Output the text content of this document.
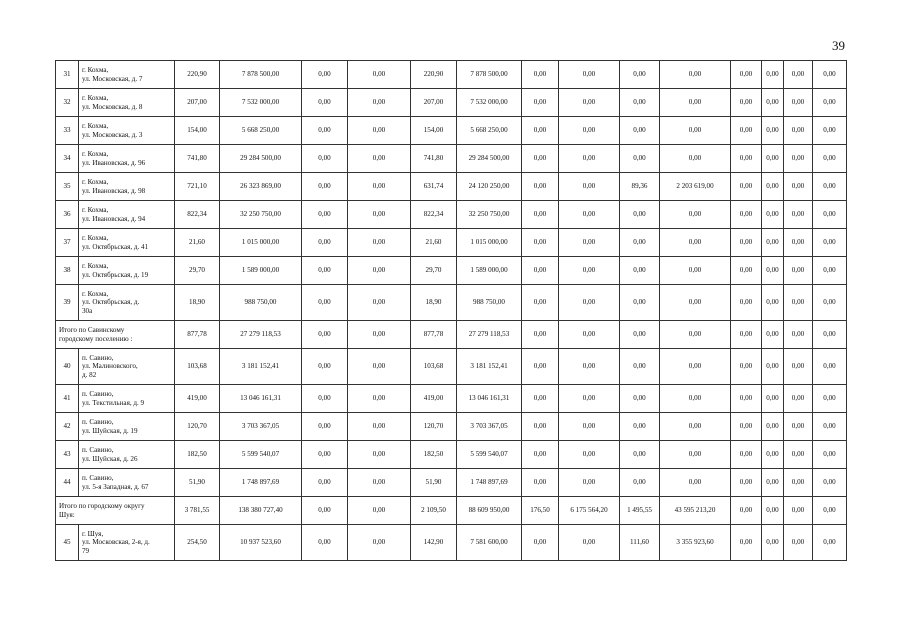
39
31	г. Кохма,
ул. Московская, д. 7	220,90	7 878 500,00	0,00	0,00	220,90	7 878 500,00	0,00	0,00	0,00	0,00	0,00	0,00	0,00	0,00
32	г. Кохма,
ул. Московская, д. 8	207,00	7 532 000,00	0,00	0,00	207,00	7 532 000,00	0,00	0,00	0,00	0,00	0,00	0,00	0,00	0,00
33	г. Кохма,
ул. Московская, д. 3	154,00	5 668 250,00	0,00	0,00	154,00	5 668 250,00	0,00	0,00	0,00	0,00	0,00	0,00	0,00	0,00
34	г. Кохма,
ул. Ивановская, д. 96	741,80	29 284 500,00	0,00	0,00	741,80	29 284 500,00	0,00	0,00	0,00	0,00	0,00	0,00	0,00	0,00
35	г. Кохма,
ул. Ивановская, д. 98	721,10	26 323 869,00	0,00	0,00	631,74	24 120 250,00	0,00	0,00	89,36	2 203 619,00	0,00	0,00	0,00	0,00
36	г. Кохма,
ул. Ивановская, д. 94	822,34	32 250 750,00	0,00	0,00	822,34	32 250 750,00	0,00	0,00	0,00	0,00	0,00	0,00	0,00	0,00
37	г. Кохма,
ул. Октябрьская, д. 41	21,60	1 015 000,00	0,00	0,00	21,60	1 015 000,00	0,00	0,00	0,00	0,00	0,00	0,00	0,00	0,00
38	г. Кохма,
ул. Октябрьская, д. 19	29,70	1 589 000,00	0,00	0,00	29,70	1 589 000,00	0,00	0,00	0,00	0,00	0,00	0,00	0,00	0,00
39	г. Кохма,
ул. Октябрьская, д.
30а	18,90	988 750,00	0,00	0,00	18,90	988 750,00	0,00	0,00	0,00	0,00	0,00	0,00	0,00	0,00
Итого по Савинскому
городскому поселению :		877,78	27 279 118,53	0,00	0,00	877,78	27 279 118,53	0,00	0,00	0,00	0,00	0,00	0,00	0,00	0,00
40	п. Савино,
ул. Малиновского,
д. 82	103,68	3 181 152,41	0,00	0,00	103,68	3 181 152,41	0,00	0,00	0,00	0,00	0,00	0,00	0,00	0,00
41	п. Савино,
ул. Текстильная, д. 9	419,00	13 046 161,31	0,00	0,00	419,00	13 046 161,31	0,00	0,00	0,00	0,00	0,00	0,00	0,00	0,00
42	п. Савино,
ул. Шуйская, д. 19	120,70	3 703 367,05	0,00	0,00	120,70	3 703 367,05	0,00	0,00	0,00	0,00	0,00	0,00	0,00	0,00
43	п. Савино,
ул. Шуйская, д. 26	182,50	5 599 540,07	0,00	0,00	182,50	5 599 540,07	0,00	0,00	0,00	0,00	0,00	0,00	0,00	0,00
44	п. Савино,
ул. 5-я Западная, д. 67	51,90	1 748 897,69	0,00	0,00	51,90	1 748 897,69	0,00	0,00	0,00	0,00	0,00	0,00	0,00	0,00
Итого по городскому округу
Шуя:		3 781,55	138 380 727,40	0,00	0,00	2 109,50	88 609 950,00	176,50	6 175 564,20	1 495,55	43 595 213,20	0,00	0,00	0,00	0,00
45	г. Шуя,
ул. Московская, 2-я, д.
79	254,50	10 937 523,60	0,00	0,00	142,90	7 581 600,00	0,00	0,00	111,60	3 355 923,60	0,00	0,00	0,00	0,00
